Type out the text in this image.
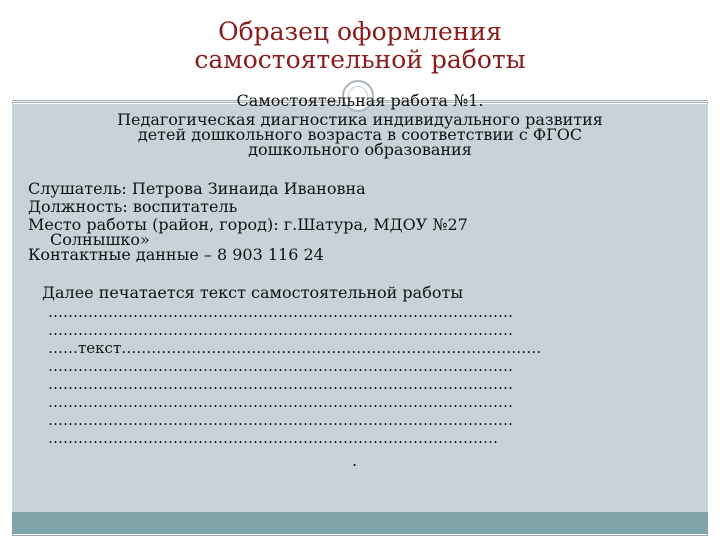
Образец оформления
самостоятельной работы
Самостоятельная работа №1.
Педагогическая диагностика индивидуального развития
детей дошкольного возраста в соответствии с ФГОС
дошкольного образования
Слушатель: Петрова Зинаида Ивановна
Должность: воспитатель
Место работы (район, город): г.Шатура, МДОУ №27
Солнышко»
Контактные данные – 8 903 116 24
Далее печатается текст самостоятельной работы
…………………………………………………………………………………
…………………………………………………………………………………
……текст…………………………………………………………………………
…………………………………………………………………………………
…………………………………………………………………………………
…………………………………………………………………………………
…………………………………………………………………………………
………………………………………………………………………………
.
